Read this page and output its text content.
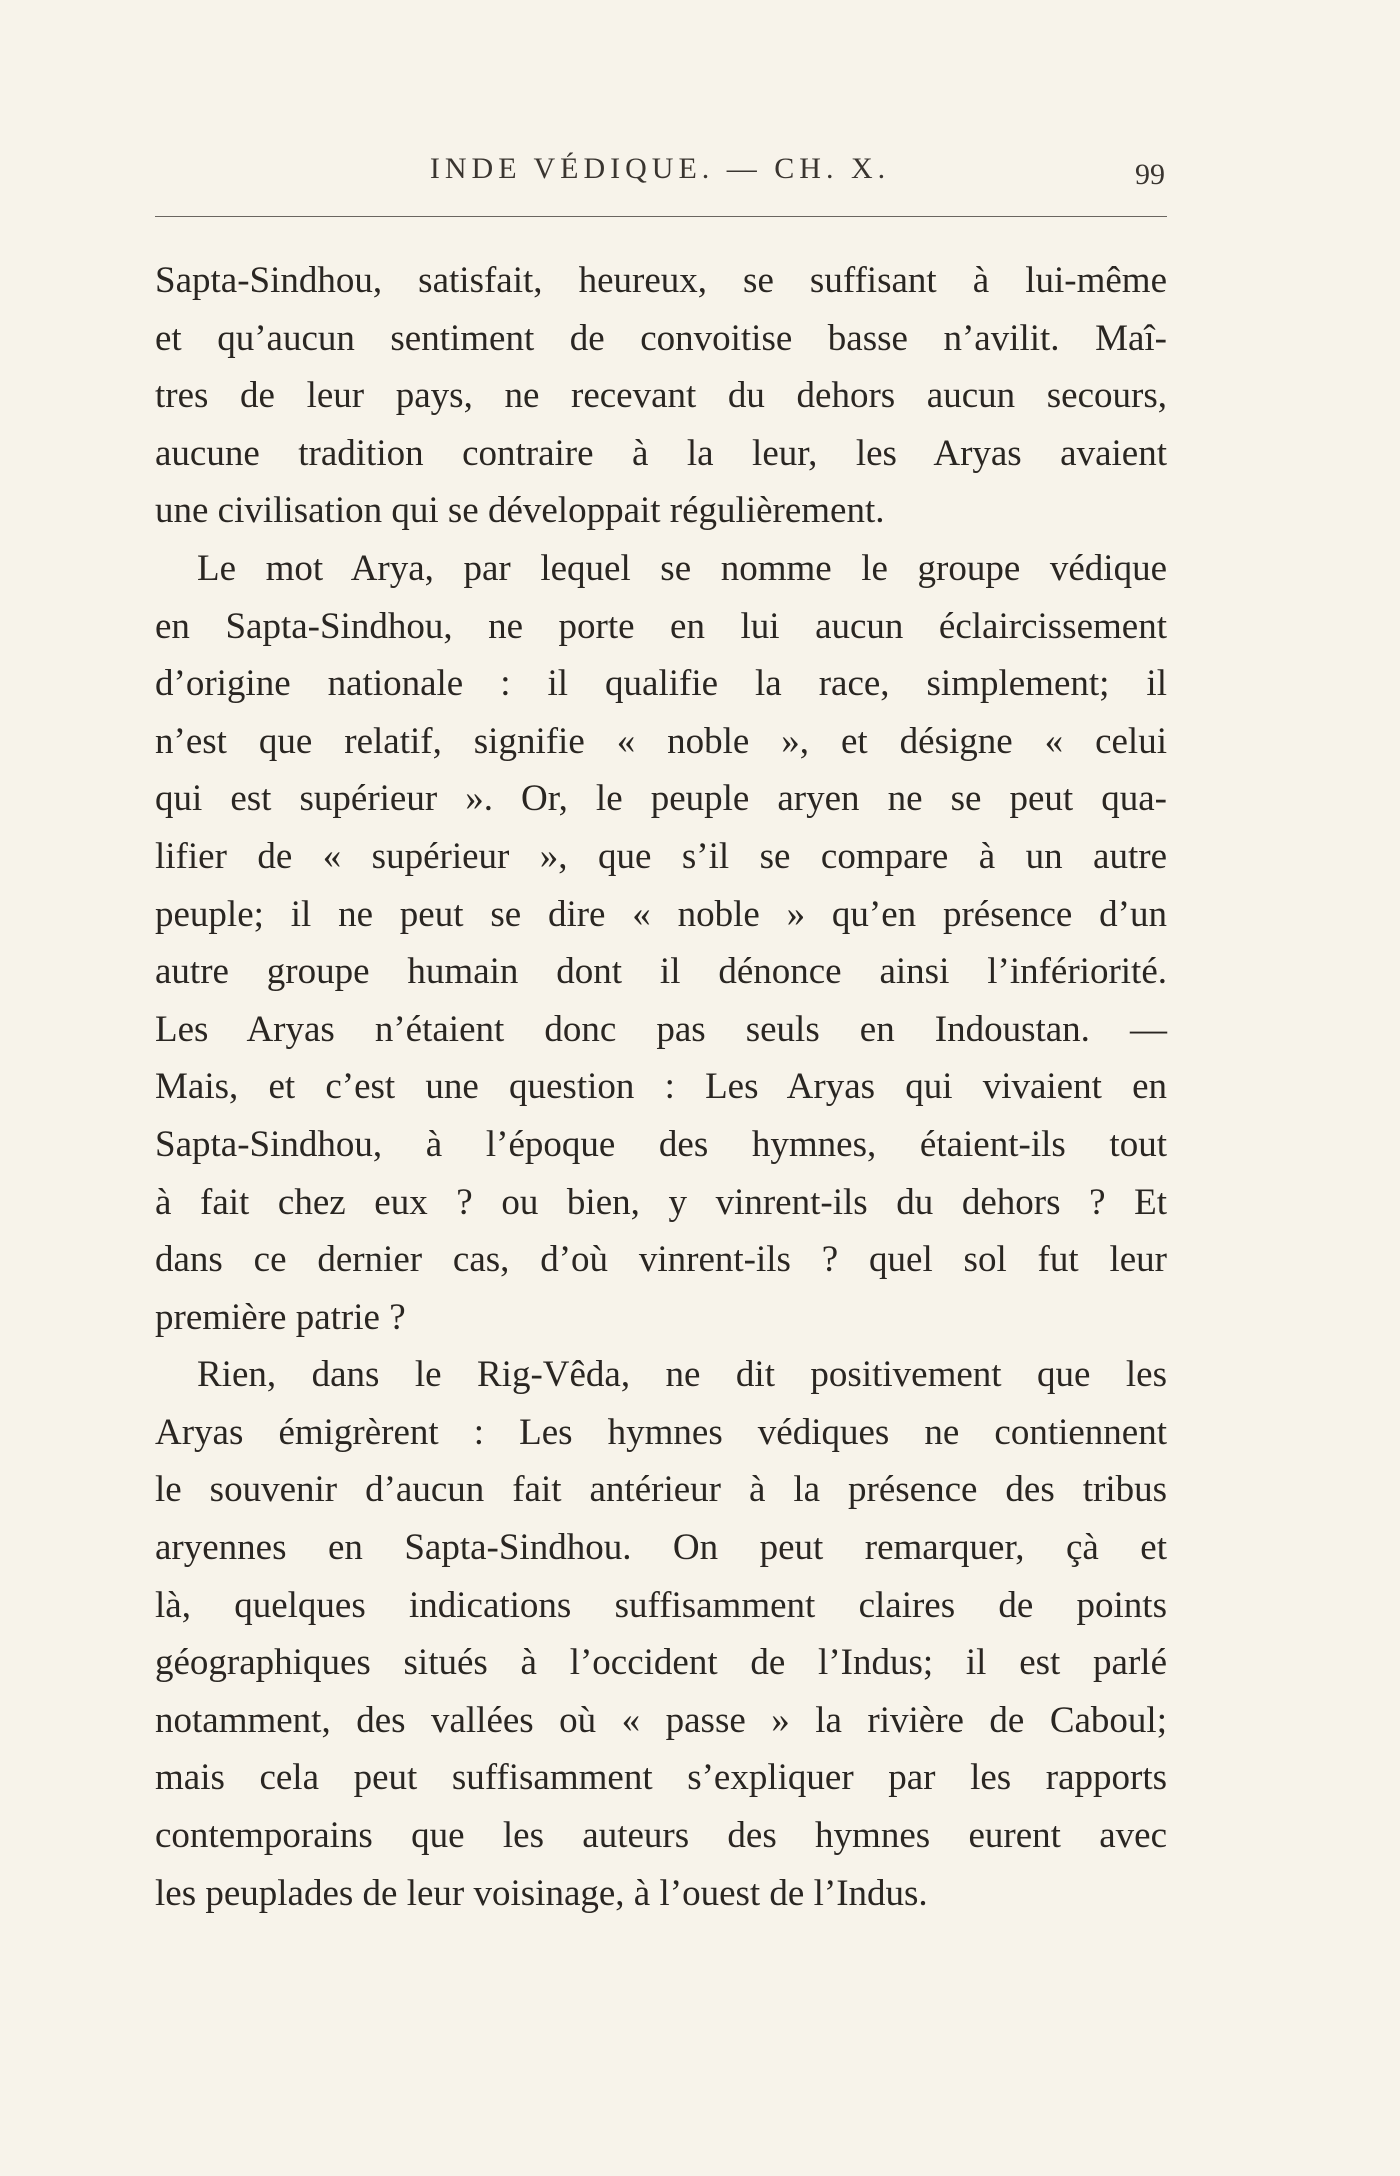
INDE VÉDIQUE. — CH. X.	99
Sapta-Sindhou, satisfait, heureux, se suffisant à lui-même
et qu’aucun sentiment de convoitise basse n’avilit. Maî-
tres de leur pays, ne recevant du dehors aucun secours,
aucune tradition contraire à la leur, les Aryas avaient
une civilisation qui se développait régulièrement.
Le mot Arya, par lequel se nomme le groupe védique
en Sapta-Sindhou, ne porte en lui aucun éclaircissement
d’origine nationale : il qualifie la race, simplement; il
n’est que relatif, signifie « noble », et désigne « celui
qui est supérieur ». Or, le peuple aryen ne se peut qua-
lifier de « supérieur », que s’il se compare à un autre
peuple; il ne peut se dire « noble » qu’en présence d’un
autre groupe humain dont il dénonce ainsi l’infériorité.
Les Aryas n’étaient donc pas seuls en Indoustan. —
Mais, et c’est une question : Les Aryas qui vivaient en
Sapta-Sindhou, à l’époque des hymnes, étaient-ils tout
à fait chez eux ? ou bien, y vinrent-ils du dehors ? Et
dans ce dernier cas, d’où vinrent-ils ? quel sol fut leur
première patrie ?
Rien, dans le Rig-Vêda, ne dit positivement que les
Aryas émigrèrent : Les hymnes védiques ne contiennent
le souvenir d’aucun fait antérieur à la présence des tribus
aryennes en Sapta-Sindhou. On peut remarquer, çà et
là, quelques indications suffisamment claires de points
géographiques situés à l’occident de l’Indus; il est parlé
notamment, des vallées où « passe » la rivière de Caboul;
mais cela peut suffisamment s’expliquer par les rapports
contemporains que les auteurs des hymnes eurent avec
les peuplades de leur voisinage, à l’ouest de l’Indus.
